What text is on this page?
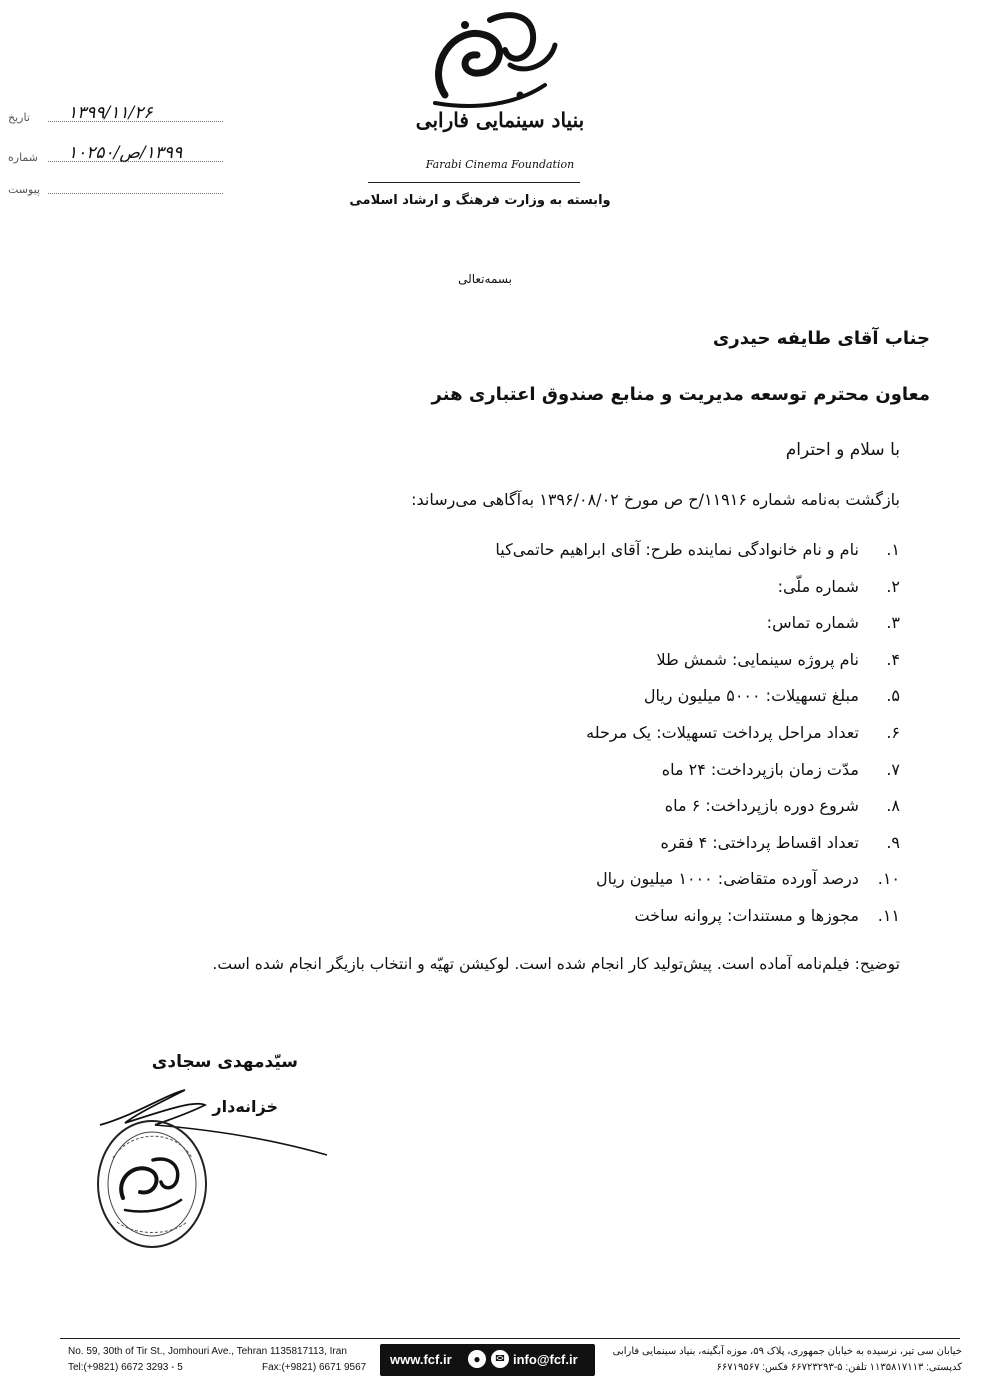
بنیاد سینمایی فارابی
Farabi Cinema Foundation
وابسته به وزارت فرهنگ و ارشاد اسلامی
تاریخ ۱۳۹۹/۱۱/۲۶
شماره ۱۳۹۹/ص/۱۰۲۵۰
پیوست
بسمه‌تعالی
جناب آقای طایفه حیدری
معاون محترم توسعه مدیریت و منابع صندوق اعتباری هنر
با سلام و احترام
بازگشت به‌نامه شماره ۱۱۹۱۶/ح ص مورخ ۱۳۹۶/۰۸/۰۲ به‌آگاهی می‌رساند:
۱. نام و نام خانوادگی نماینده طرح: آقای ابراهیم حاتمی‌کیا
۲. شماره ملّی:
۳. شماره تماس:
۴. نام پروژه سینمایی: شمش طلا
۵. مبلغ تسهیلات: ۵۰۰۰ میلیون ریال
۶. تعداد مراحل پرداخت تسهیلات: یک مرحله
۷. مدّت زمان بازپرداخت: ۲۴ ماه
۸. شروع دوره بازپرداخت: ۶ ماه
۹. تعداد اقساط پرداختی: ۴ فقره
۱۰. درصد آورده متقاضی: ۱۰۰۰ میلیون ریال
۱۱. مجوزها و مستندات: پروانه ساخت
توضیح: فیلم‌نامه آماده است. پیش‌تولید کار انجام شده است. لوکیشن تهیّه و انتخاب بازیگر انجام شده است.
سیّدمهدی سجادی
خزانه‌دار
No. 59, 30th of Tir St., Jomhouri Ave., Tehran 1135817113, Iran
Tel:(+9821) 6672 3293 - 5	Fax:(+9821) 6671 9567
www.fcf.ir	●	✉ info@fcf.ir
خیابان سی تیر، نرسیده به خیابان جمهوری، پلاک ۵۹، موزه آبگینه، بنیاد سینمایی فارابی
کدپستی: ۱۱۳۵۸۱۷۱۱۳ تلفن: ۵-۶۶۷۲۳۲۹۳ فکس: ۶۶۷۱۹۵۶۷
